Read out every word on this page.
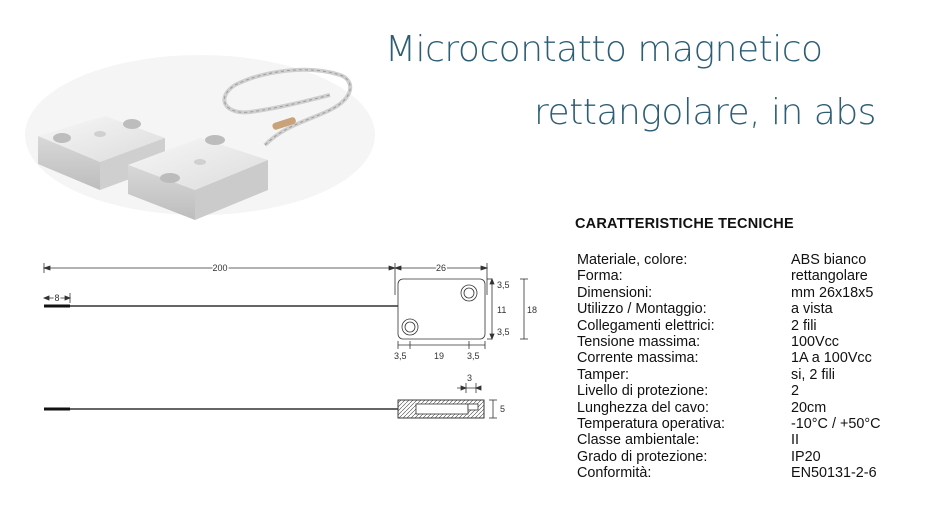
Microcontatto magnetico
rettangolare, in abs
200	26
8
3,5
11
3,5
18
3,5	19	3,5
3
5
CARATTERISTICHE TECNICHE
Materiale, colore:	ABS bianco
Forma:	rettangolare
Dimensioni:	mm 26x18x5
Utilizzo / Montaggio:	a vista
Collegamenti elettrici:	2 fili
Tensione massima:	100Vcc
Corrente massima:	1A a 100Vcc
Tamper:	si, 2 fili
Livello di protezione:	2
Lunghezza del cavo:	20cm
Temperatura operativa:	-10°C / +50°C
Classe ambientale:	II
Grado di protezione:	IP20
Conformità:	EN50131-2-6
